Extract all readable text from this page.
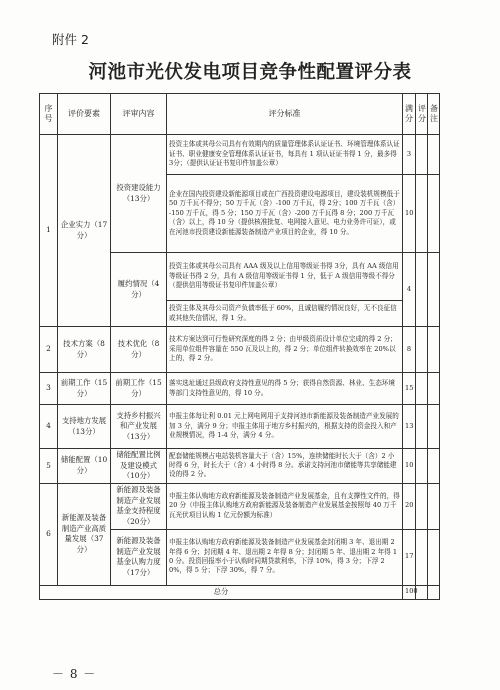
附件 2
河池市光伏发电项目竞争性配置评分表
序号	评价要素	评审内容	评分标准	满分	评分	备注
1	企业实力（17分）	投资建设能力（13分）	投资主体或其母公司具有有效期内的质量管理体系认证证书、环境管理体系认证证书、职业健康安全管理体系认证证书，每具有 1 项认证证书得 1 分，最多得 3分；（提供认证证书复印件加盖公章）	3		
			企业在国内投资建设新能源项目或在广西投资建设电源项目，建设装机规模低于 50 万千瓦不得分；50 万千瓦（含）-100 万千瓦，得 2分；100 万千瓦（含）-150 万千瓦，得 5 分；150 万千瓦（含）-200 万千瓦得 8 分；200 万千瓦（含）以上，得 10 分（提供核准批复、电网接入意见、电力业务许可证），或在河池市投资建设新能源装备制造产业项目的企业，得 10 分。	10		
		履约情况（4分）	投资主体或其母公司具有 AAA 级及以上信用等级证书得 3分，具有 AA 级信用等级证书得 2 分，具有 A 级信用等级证书得 1 分，低于 A 级信用等级不得分（提供信用等级证书复印件加盖公章）	4		
			投资主体及其母公司资产负债率低于 60%，且诚信履约情况良好，无不良征信或其他失信情况，得 1 分。			
2	技术方案（8分）	技术优化（8分）	技术方案达到可行性研究深度的得 2 分；由甲级资质设计单位完成的得 2 分；采用单位组件容量在 550 瓦及以上的，得 2 分；单位组件转换效率在 20%以上的，得 2 分。	8		
3	前期工作（15分）	前期工作（15分）	落实选址通过县级政府支持性意见的得 5 分；获得自然资源、林业、生态环境等部门支持性意见的，得 10 分。	15		
4	支持地方发展（13分）	支持乡村振兴和产业发展（13分）	申报主体每让利 0.01 元上网电网用于支持河池市新能源及装备制造产业发展的加 3 分，满分 9 分；申报主体用于地方乡村振兴的，根据支持的资金投入和产业规模情况，得 1-4 分，满分 4 分。	13		
5	储能配置（10分）	储能配置比例及建设模式（10分）	配套储能规模占电站装机容量大于（含）15%，连续储能时长大于（含）2 小时得 6 分，时长大于（含）4 小时得 8 分。承诺支持河池市储能等共享储能建设的得 2 分。	10		
6	新能源及装备制造产业高质量发展（37分）	新能源及装备制造产业发展基金支持程度（20分）	申报主体认购地方政府新能源及装备制造产业发展基金，且有支撑性文件的，得 20 分（申报主体认购地方政府新能源及装备制造产业发展基金按照每 40 万千瓦光伏项目认购 1 亿元份额为标准）	20		
		新能源及装备制造产业发展基金认购力度（17分）	申报主体认购地方政府新能源及装备制造产业发展基金封闭期 3 年、退出期 2 年得 6 分；封闭期 4 年、退出期 2 年得 8 分；封闭期 5 年、退出期 2 年得 10 分。投资回报率小于认购时同期贷款利率，下浮 10%，得 3 分；下浮 20%，得 5 分；下浮 30%，得 7 分。	17		
总分				100		
－ 8 －
